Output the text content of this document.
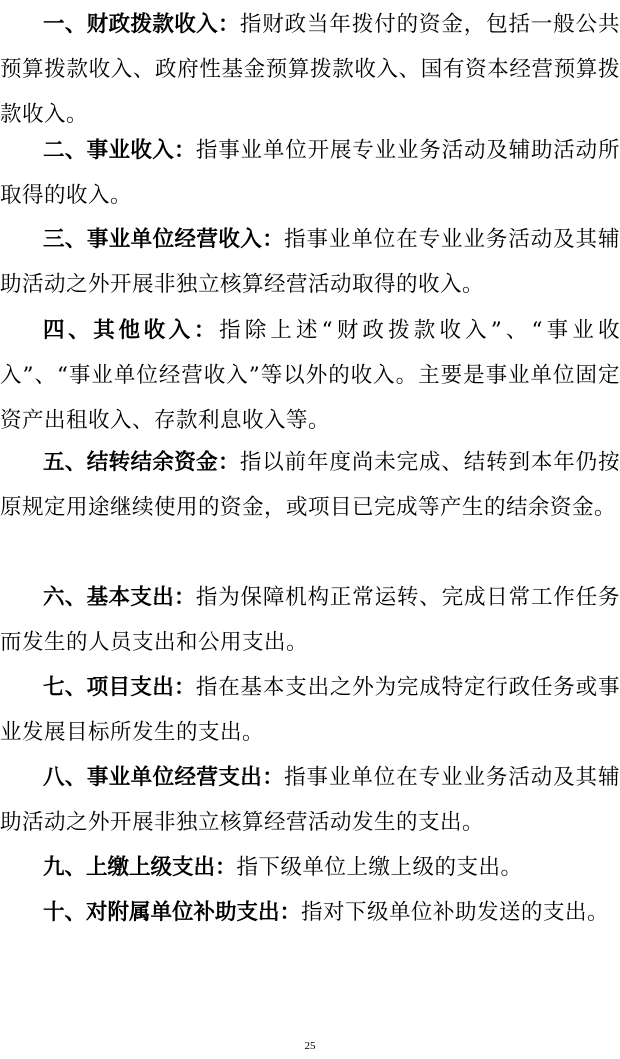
一、财政拨款收入：指财政当年拨付的资金，包括一般公共预算拨款收入、政府性基金预算拨款收入、国有资本经营预算拨款收入。

二、事业收入：指事业单位开展专业业务活动及辅助活动所取得的收入。

三、事业单位经营收入：指事业单位在专业业务活动及其辅助活动之外开展非独立核算经营活动取得的收入。

四、其他收入：指除上述“财政拨款收入”、“事业收入”、“事业单位经营收入”等以外的收入。主要是事业单位固定资产出租收入、存款利息收入等。

五、结转结余资金：指以前年度尚未完成、结转到本年仍按原规定用途继续使用的资金，或项目已完成等产生的结余资金。

六、基本支出：指为保障机构正常运转、完成日常工作任务而发生的人员支出和公用支出。

七、项目支出：指在基本支出之外为完成特定行政任务或事业发展目标所发生的支出。

八、事业单位经营支出：指事业单位在专业业务活动及其辅助活动之外开展非独立核算经营活动发生的支出。

九、上缴上级支出：指下级单位上缴上级的支出。

十、对附属单位补助支出：指对下级单位补助发送的支出。

25
